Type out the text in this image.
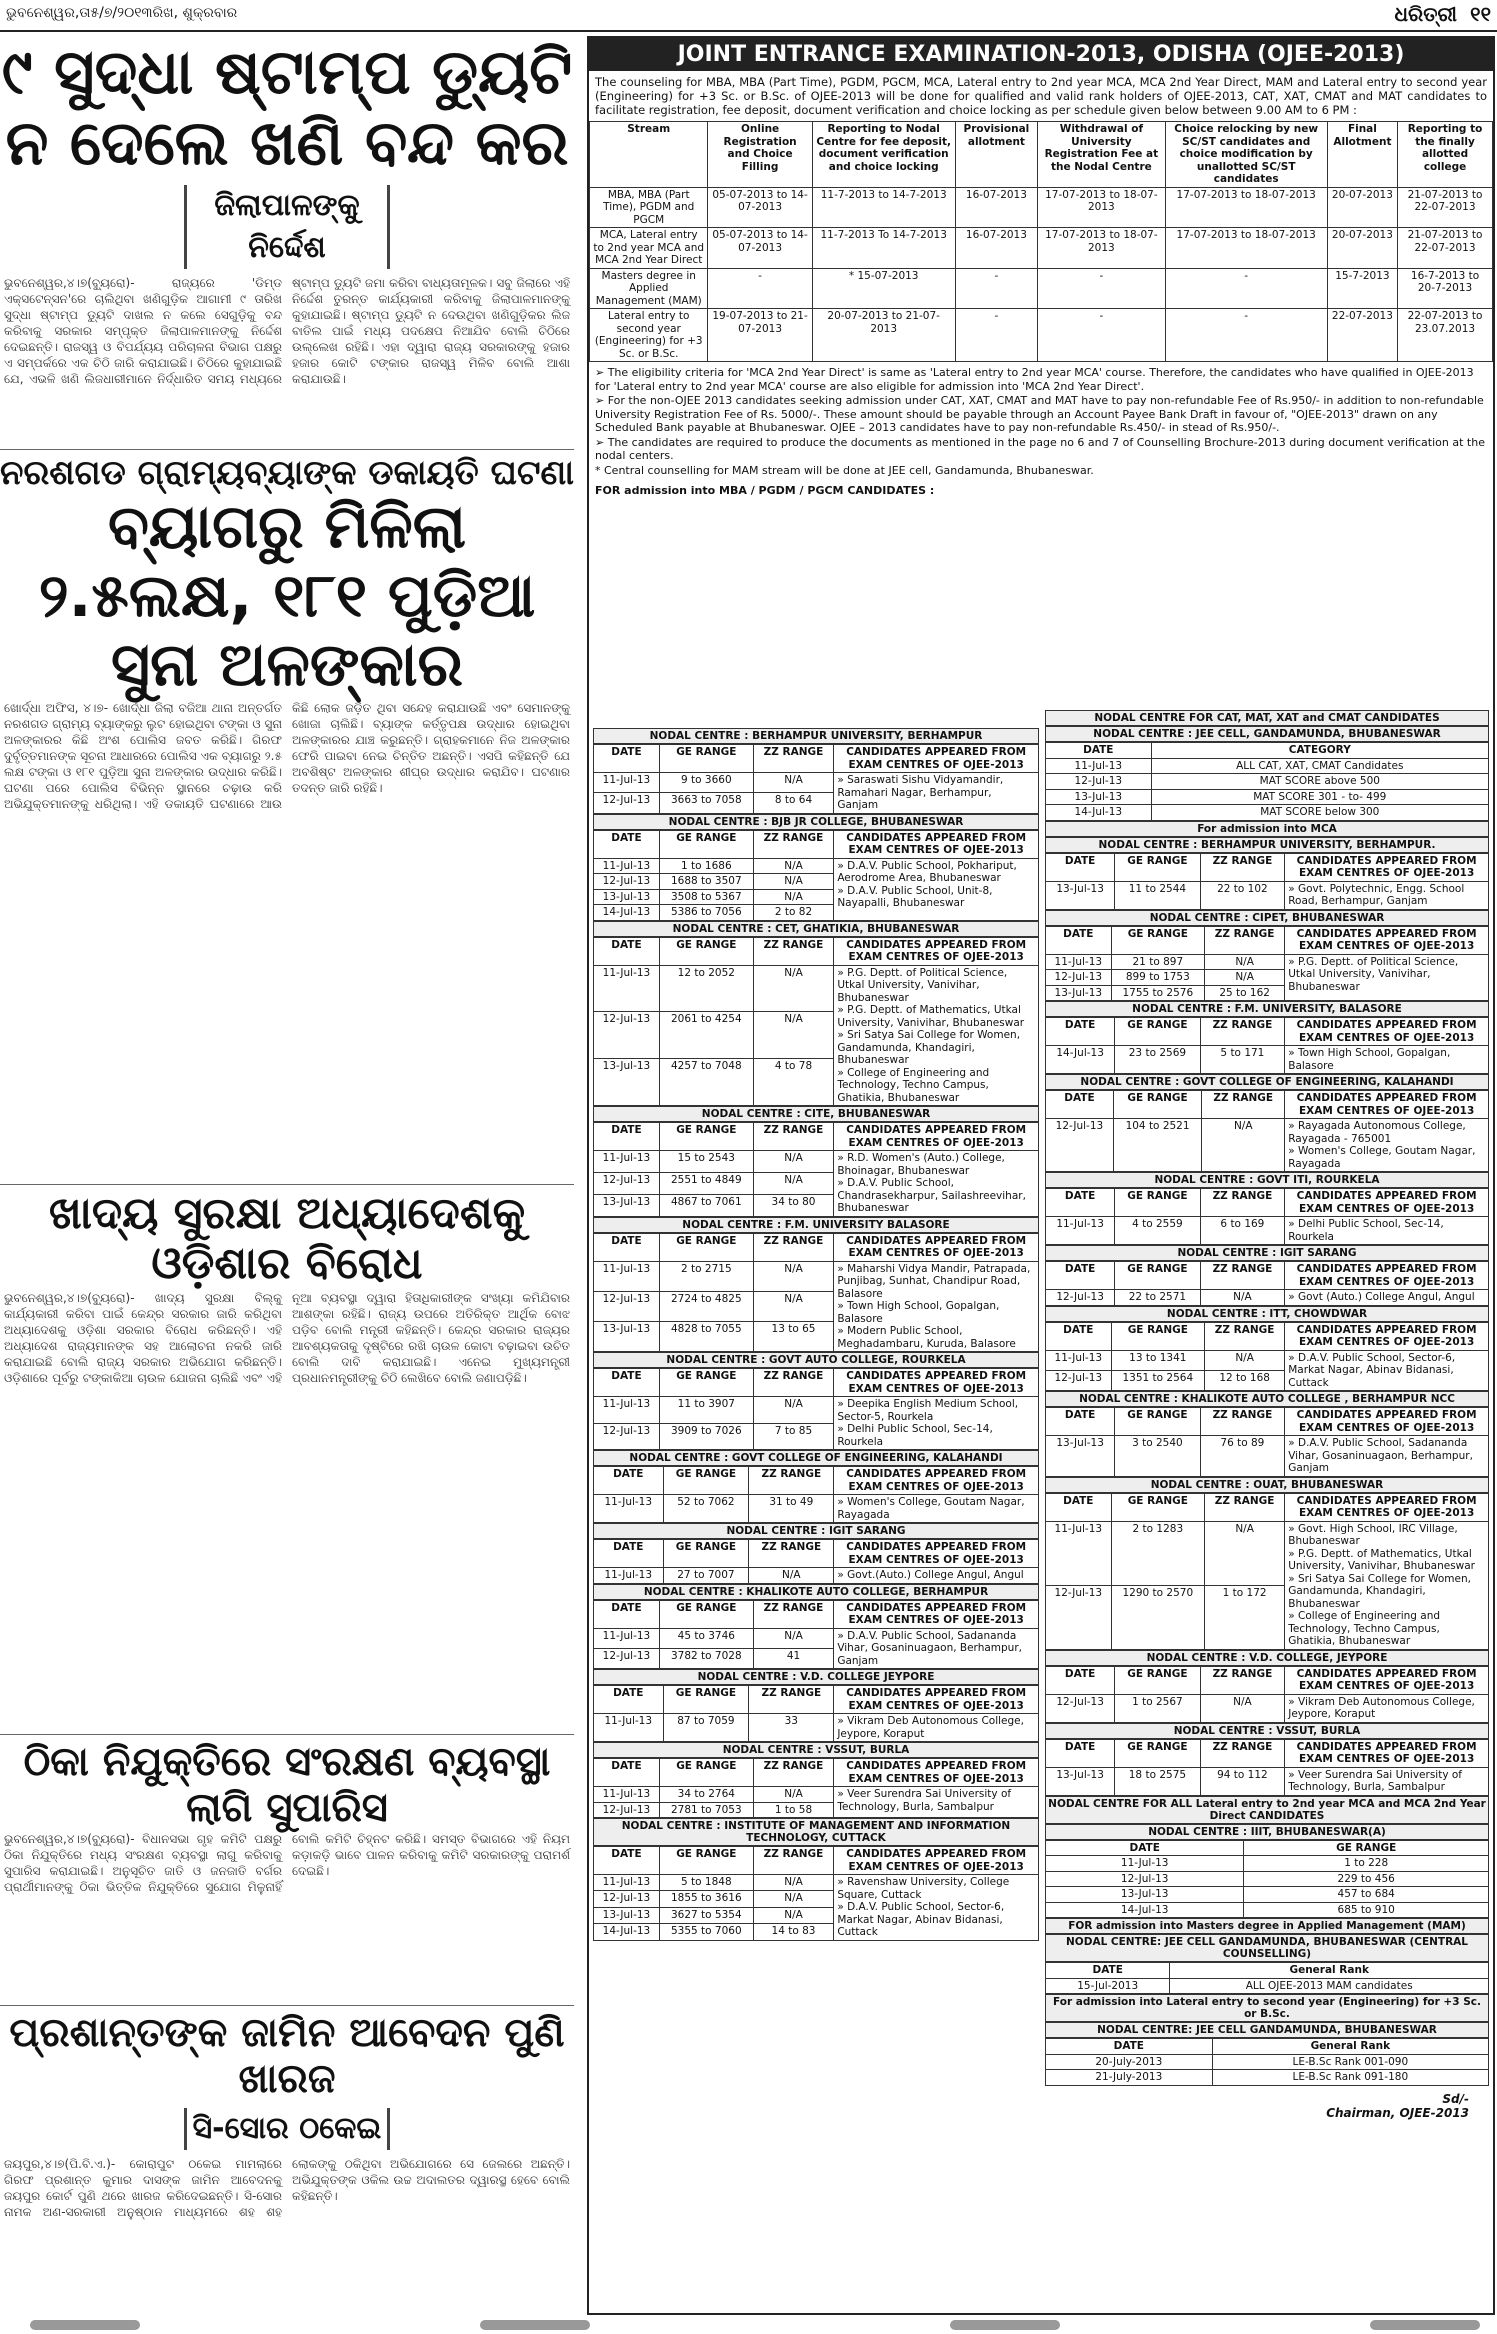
ଭୁବନେଶ୍ୱର,ତା୫/୭/୨୦୧୩ରିଖ, ଶୁକ୍ରବାର	ଧରିତ୍ରୀ ୧୧

୯ ସୁଦ୍ଧା ଷ୍ଟାମ୍ପ ଡ୍ୟୁଟି ନ ଦେଲେ ଖଣି ବନ୍ଦ କର

ଜିଲାପାଳଙ୍କୁ ନିର୍ଦ୍ଦେଶ
ଭୁବନେଶ୍ୱର,୪।୭(ବ୍ୟୁରୋ)- ରାଜ୍ୟରେ 'ଡିମ୍ଡ ଏକ୍ସଟେନ୍ସନ'ରେ ଚାଲିଥିବା ଖଣିଗୁଡ଼ିକ ଆଗାମୀ ୯ ତାରିଖ ସୁଦ୍ଧା ଷ୍ଟାମ୍ପ ଡ୍ୟୁଟି ଦାଖଲ ନ କଲେ ସେଗୁଡ଼ିକୁ ବନ୍ଦ କରିବାକୁ ସରକାର ସମ୍ପୃକ୍ତ ଜିଲାପାଳମାନଙ୍କୁ ନିର୍ଦ୍ଦେଶ ଦେଇଛନ୍ତି। ରାଜସ୍ୱ ଓ ବିପର୍ଯ୍ୟୟ ପରିଚାଳନା ବିଭାଗ ପକ୍ଷରୁ ଏ ସମ୍ପର୍କରେ ଏକ ଚିଠି ଜାରି କରାଯାଇଛି। ଚିଠିରେ କୁହାଯାଇଛି ଯେ, ଏଭଳି ଖଣି ଲିଜଧାରୀମାନେ ନିର୍ଦ୍ଧାରିତ ସମୟ ମଧ୍ୟରେ ଷ୍ଟାମ୍ପ ଡ୍ୟୁଟି ଜମା କରିବା ବାଧ୍ୟତାମୂଳକ। ସବୁ ଜିଲାରେ ଏହି ନିର୍ଦ୍ଦେଶ ତୁରନ୍ତ କାର୍ଯ୍ୟକାରୀ କରିବାକୁ ଜିଲାପାଳମାନଙ୍କୁ କୁହାଯାଇଛି। ଷ୍ଟାମ୍ପ ଡ୍ୟୁଟି ନ ଦେଉଥିବା ଖଣିଗୁଡ଼ିକର ଲିଜ ବାତିଲ ପାଇଁ ମଧ୍ୟ ପଦକ୍ଷେପ ନିଆଯିବ ବୋଲି ଚିଠିରେ ଉଲ୍ଲେଖ ରହିଛି। ଏହା ଦ୍ୱାରା ରାଜ୍ୟ ସରକାରଙ୍କୁ ହଜାର ହଜାର କୋଟି ଟଙ୍କାର ରାଜସ୍ୱ ମିଳିବ ବୋଲି ଆଶା କରାଯାଉଛି।

ନରଶଗଡ ଗ୍ରାମ୍ୟବ୍ୟାଙ୍କ ଡକାୟତି ଘଟଣା

ବ୍ୟାଗରୁ ମିଳିଲା ୨.୫ଲକ୍ଷ, ୧୮୧ ପୁଡ଼ିଆ ସୁନା ଅଳଙ୍କାର

ଖୋର୍ଦ୍ଧା ଅଫିସ, ୪।୭- ଖୋର୍ଦ୍ଧା ଜିଲା ବଜିଆ ଥାନା ଅନ୍ତର୍ଗତ ନରଶଗଡ ଗ୍ରାମ୍ୟ ବ୍ୟାଙ୍କରୁ ଲୁଟ ହୋଇଥିବା ଟଙ୍କା ଓ ସୁନା ଅଳଙ୍କାରର କିଛି ଅଂଶ ପୋଲିସ ଜବତ କରିଛି। ଗିରଫ ଦୁର୍ବୃତ୍ତମାନଙ୍କ ସୂଚନା ଆଧାରରେ ପୋଲିସ ଏକ ବ୍ୟାଗରୁ ୨.୫ ଲକ୍ଷ ଟଙ୍କା ଓ ୧୮୧ ପୁଡ଼ିଆ ସୁନା ଅଳଙ୍କାର ଉଦ୍ଧାର କରିଛି। ଘଟଣା ପରେ ପୋଲିସ ବିଭିନ୍ନ ସ୍ଥାନରେ ଚଢ଼ାଉ କରି ଅଭିଯୁକ୍ତମାନଙ୍କୁ ଧରିଥିଲା। ଏହି ଡକାୟତି ଘଟଣାରେ ଆଉ କିଛି ଲୋକ ଜଡ଼ିତ ଥିବା ସନ୍ଦେହ କରାଯାଉଛି ଏବଂ ସେମାନଙ୍କୁ ଖୋଜା ଚାଲିଛି। ବ୍ୟାଙ୍କ କର୍ତ୍ତୃପକ୍ଷ ଉଦ୍ଧାର ହୋଇଥିବା ଅଳଙ୍କାରର ଯାଞ୍ଚ କରୁଛନ୍ତି। ଗ୍ରାହକମାନେ ନିଜ ଅଳଙ୍କାର ଫେରି ପାଇବା ନେଇ ଚିନ୍ତିତ ଅଛନ୍ତି। ଏସପି କହିଛନ୍ତି ଯେ ଅବଶିଷ୍ଟ ଅଳଙ୍କାର ଶୀଘ୍ର ଉଦ୍ଧାର କରାଯିବ। ଘଟଣାର ତଦନ୍ତ ଜାରି ରହିଛି।

ଖାଦ୍ୟ ସୁରକ୍ଷା ଅଧ୍ୟାଦେଶକୁ ଓଡ଼ିଶାର ବିରୋଧ

ଭୁବନେଶ୍ୱର,୪।୭(ବ୍ୟୁରୋ)- ଖାଦ୍ୟ ସୁରକ୍ଷା ବିଲ୍କୁ କାର୍ଯ୍ୟକାରୀ କରିବା ପାଇଁ କେନ୍ଦ୍ର ସରକାର ଜାରି କରିଥିବା ଅଧ୍ୟାଦେଶକୁ ଓଡ଼ିଶା ସରକାର ବିରୋଧ କରିଛନ୍ତି। ଏହି ଅଧ୍ୟାଦେଶ ରାଜ୍ୟମାନଙ୍କ ସହ ଆଲୋଚନା ନକରି ଜାରି କରାଯାଇଛି ବୋଲି ରାଜ୍ୟ ସରକାର ଅଭିଯୋଗ କରିଛନ୍ତି। ଓଡ଼ିଶାରେ ପୂର୍ବରୁ ଟଙ୍କାକିଆ ଚାଉଳ ଯୋଜନା ଚାଲିଛି ଏବଂ ଏହି ନୂଆ ବ୍ୟବସ୍ଥା ଦ୍ୱାରା ହିତାଧିକାରୀଙ୍କ ସଂଖ୍ୟା କମିଯିବାର ଆଶଙ୍କା ରହିଛି। ରାଜ୍ୟ ଉପରେ ଅତିରିକ୍ତ ଆର୍ଥିକ ବୋଝ ପଡ଼ିବ ବୋଲି ମନ୍ତ୍ରୀ କହିଛନ୍ତି। କେନ୍ଦ୍ର ସରକାର ରାଜ୍ୟର ଆବଶ୍ୟକତାକୁ ଦୃଷ୍ଟିରେ ରଖି ଚାଉଳ କୋଟା ବଢ଼ାଇବା ଉଚିତ ବୋଲି ଦାବି କରାଯାଇଛି। ଏନେଇ ମୁଖ୍ୟମନ୍ତ୍ରୀ ପ୍ରଧାନମନ୍ତ୍ରୀଙ୍କୁ ଚିଠି ଲେଖିବେ ବୋଲି ଜଣାପଡ଼ିଛି।

ଠିକା ନିଯୁକ୍ତିରେ ସଂରକ୍ଷଣ ବ୍ୟବସ୍ଥା ଲାଗି ସୁପାରିସ

ଭୁବନେଶ୍ୱର,୪।୭(ବ୍ୟୁରୋ)- ବିଧାନସଭା ଗୃହ କମିଟି ପକ୍ଷରୁ ଠିକା ନିଯୁକ୍ତିରେ ମଧ୍ୟ ସଂରକ୍ଷଣ ବ୍ୟବସ୍ଥା ଲାଗୁ କରିବାକୁ ସୁପାରିସ କରାଯାଇଛି। ଅନୁସୂଚିତ ଜାତି ଓ ଜନଜାତି ବର୍ଗର ପ୍ରାର୍ଥୀମାନଙ୍କୁ ଠିକା ଭିତ୍ତିକ ନିଯୁକ୍ତିରେ ସୁଯୋଗ ମିଳୁନାହିଁ ବୋଲି କମିଟି ଚିହ୍ନଟ କରିଛି। ସମସ୍ତ ବିଭାଗରେ ଏହି ନିୟମ କଡ଼ାକଡ଼ି ଭାବେ ପାଳନ କରିବାକୁ କମିଟି ସରକାରଙ୍କୁ ପରାମର୍ଶ ଦେଇଛି।

ପ୍ରଶାନ୍ତଙ୍କ ଜାମିନ ଆବେଦନ ପୁଣି ଖାରଜ

ସି-ସୋର ଠକେଇ
ଜୟପୁର,୪।୭(ପି.ବି.ଏ.)- କୋରାପୁଟ ଠକେଇ ମାମଲାରେ ଗିରଫ ପ୍ରଶାନ୍ତ କୁମାର ଦାସଙ୍କ ଜାମିନ ଆବେଦନକୁ ଜୟପୁର କୋର୍ଟ ପୁଣି ଥରେ ଖାରଜ କରିଦେଇଛନ୍ତି। ସି-ସୋର ନାମକ ଅଣ-ସରକାରୀ ଅନୁଷ୍ଠାନ ମାଧ୍ୟମରେ ଶହ ଶହ ଲୋକଙ୍କୁ ଠକିଥିବା ଅଭିଯୋଗରେ ସେ ଜେଲରେ ଅଛନ୍ତି। ଅଭିଯୁକ୍ତଙ୍କ ଓକିଲ ଉଚ୍ଚ ଅଦାଲତର ଦ୍ୱାରସ୍ଥ ହେବେ ବୋଲି କହିଛନ୍ତି।
JOINT ENTRANCE EXAMINATION-2013, ODISHA (OJEE-2013)
The counseling for MBA, MBA (Part Time), PGDM, PGCM, MCA, Lateral entry to 2nd year MCA, MCA 2nd Year Direct, MAM and Lateral entry to second year (Engineering) for +3 Sc. or B.Sc. of OJEE-2013 will be done for qualified and valid rank holders of OJEE-2013, CAT, XAT, CMAT and MAT candidates to facilitate registration, fee deposit, document verification and choice locking as per schedule given below between 9.00 AM to 6 PM :
Stream	Online Registration and Choice Filling	Reporting to Nodal Centre for fee deposit, document verification and choice locking	Provisional allotment	Withdrawal of University Registration Fee at the Nodal Centre	Choice relocking by new SC/ST candidates and choice modification by unallotted SC/ST candidates	Final Allotment	Reporting to the finally allotted college
MBA, MBA (Part Time), PGDM and PGCM	05-07-2013 to 14-07-2013	11-7-2013 to 14-7-2013	16-07-2013	17-07-2013 to 18-07-2013	17-07-2013 to 18-07-2013	20-07-2013	21-07-2013 to 22-07-2013
MCA, Lateral entry to 2nd year MCA and MCA 2nd Year Direct	05-07-2013 to 14-07-2013	11-7-2013 To 14-7-2013	16-07-2013	17-07-2013 to 18-07-2013	17-07-2013 to 18-07-2013	20-07-2013	21-07-2013 to 22-07-2013
Masters degree in Applied Management (MAM)	-	* 15-07-2013	-	-	-	15-7-2013	16-7-2013 to 20-7-2013
Lateral entry to second year (Engineering) for +3 Sc. or B.Sc.	19-07-2013 to 21-07-2013	20-07-2013 to 21-07-2013	-	-	-	22-07-2013	22-07-2013 to 23.07.2013

➢ The eligibility criteria for 'MCA 2nd Year Direct' is same as 'Lateral entry to 2nd year MCA' course. Therefore, the candidates who have qualified in OJEE-2013 for 'Lateral entry to 2nd year MCA' course are also eligible for admission into 'MCA 2nd Year Direct'.

➢ For the non-OJEE 2013 candidates seeking admission under CAT, XAT, CMAT and MAT have to pay non-refundable Fee of Rs.950/- in addition to non-refundable University Registration Fee of Rs. 5000/-. These amount should be payable through an Account Payee Bank Draft in favour of, "OJEE-2013" drawn on any Scheduled Bank payable at Bhubaneswar. OJEE – 2013 candidates have to pay non-refundable Rs.450/- in stead of Rs.950/-.

➢ The candidates are required to produce the documents as mentioned in the page no 6 and 7 of Counselling Brochure-2013 during document verification at the nodal centers.

* Central counselling for MAM stream will be done at JEE cell, Gandamunda, Bhubaneswar.

FOR admission into MBA / PGDM / PGCM CANDIDATES :
NODAL CENTRE : BERHAMPUR UNIVERSITY, BERHAMPUR
DATE	GE RANGE	ZZ RANGE	CANDIDATES APPEARED FROM EXAM CENTRES OF OJEE-2013
11-Jul-13	9 to 3660	N/A	» Saraswati Sishu Vidyamandir, Ramahari Nagar, Berhampur, Ganjam

12-Jul-13	3663 to 7058	8 to 64	
NODAL CENTRE : BJB JR COLLEGE, BHUBANESWAR
DATE	GE RANGE	ZZ RANGE	CANDIDATES APPEARED FROM EXAM CENTRES OF OJEE-2013
11-Jul-13	1 to 1686	N/A	» D.A.V. Public School, Pokhariput, Aerodrome Area, Bhubaneswar
» D.A.V. Public School, Unit-8, Nayapalli, Bhubaneswar

12-Jul-13	1688 to 3507	N/A	
13-Jul-13	3508 to 5367	N/A	
14-Jul-13	5386 to 7056	2 to 82	
NODAL CENTRE : CET, GHATIKIA, BHUBANESWAR
DATE	GE RANGE	ZZ RANGE	CANDIDATES APPEARED FROM EXAM CENTRES OF OJEE-2013
11-Jul-13	12 to 2052	N/A	» P.G. Deptt. of Political Science, Utkal University, Vanivihar, Bhubaneswar
» P.G. Deptt. of Mathematics, Utkal University, Vanivihar, Bhubaneswar
» Sri Satya Sai College for Women, Gandamunda, Khandagiri, Bhubaneswar
» College of Engineering and Technology, Techno Campus, Ghatikia, Bhubaneswar

12-Jul-13	2061 to 4254	N/A	
13-Jul-13	4257 to 7048	4 to 78	
NODAL CENTRE : CITE, BHUBANESWAR
DATE	GE RANGE	ZZ RANGE	CANDIDATES APPEARED FROM EXAM CENTRES OF OJEE-2013
11-Jul-13	15 to 2543	N/A	» R.D. Women's (Auto.) College, Bhoinagar, Bhubaneswar
» D.A.V. Public School, Chandrasekharpur, Sailashreevihar, Bhubaneswar

12-Jul-13	2551 to 4849	N/A	
13-Jul-13	4867 to 7061	34 to 80	
NODAL CENTRE : F.M. UNIVERSITY BALASORE
DATE	GE RANGE	ZZ RANGE	CANDIDATES APPEARED FROM EXAM CENTRES OF OJEE-2013
11-Jul-13	2 to 2715	N/A	» Maharshi Vidya Mandir, Patrapada, Punjibag, Sunhat, Chandipur Road, Balasore
» Town High School, Gopalgan, Balasore
» Modern Public School, Meghadambaru, Kuruda, Balasore

12-Jul-13	2724 to 4825	N/A	
13-Jul-13	4828 to 7055	13 to 65	
NODAL CENTRE : GOVT AUTO COLLEGE, ROURKELA
DATE	GE RANGE	ZZ RANGE	CANDIDATES APPEARED FROM EXAM CENTRES OF OJEE-2013
11-Jul-13	11 to 3907	N/A	» Deepika English Medium School, Sector-5, Rourkela
» Delhi Public School, Sec-14, Rourkela

12-Jul-13	3909 to 7026	7 to 85	
NODAL CENTRE : GOVT COLLEGE OF ENGINEERING, KALAHANDI
DATE	GE RANGE	ZZ RANGE	CANDIDATES APPEARED FROM EXAM CENTRES OF OJEE-2013
11-Jul-13	52 to 7062	31 to 49	» Women's College, Goutam Nagar, Rayagada
NODAL CENTRE : IGIT SARANG
DATE	GE RANGE	ZZ RANGE	CANDIDATES APPEARED FROM EXAM CENTRES OF OJEE-2013
11-Jul-13	27 to 7007	N/A	» Govt.(Auto.) College Angul, Angul
NODAL CENTRE : KHALIKOTE AUTO COLLEGE, BERHAMPUR
DATE	GE RANGE	ZZ RANGE	CANDIDATES APPEARED FROM EXAM CENTRES OF OJEE-2013
11-Jul-13	45 to 3746	N/A	» D.A.V. Public School, Sadananda Vihar, Gosaninuagaon, Berhampur, Ganjam

12-Jul-13	3782 to 7028	41	
NODAL CENTRE : V.D. COLLEGE JEYPORE
DATE	GE RANGE	ZZ RANGE	CANDIDATES APPEARED FROM EXAM CENTRES OF OJEE-2013
11-Jul-13	87 to 7059	33	» Vikram Deb Autonomous College, Jeypore, Koraput
NODAL CENTRE : VSSUT, BURLA
DATE	GE RANGE	ZZ RANGE	CANDIDATES APPEARED FROM EXAM CENTRES OF OJEE-2013
11-Jul-13	34 to 2764	N/A	» Veer Surendra Sai University of Technology, Burla, Sambalpur

12-Jul-13	2781 to 7053	1 to 58	
NODAL CENTRE : INSTITUTE OF MANAGEMENT AND INFORMATION TECHNOLOGY, CUTTACK
DATE	GE RANGE	ZZ RANGE	CANDIDATES APPEARED FROM EXAM CENTRES OF OJEE-2013
11-Jul-13	5 to 1848	N/A	» Ravenshaw University, College Square, Cuttack
» D.A.V. Public School, Sector-6, Markat Nagar, Abinav Bidanasi, Cuttack

12-Jul-13	1855 to 3616	N/A	
13-Jul-13	3627 to 5354	N/A	
14-Jul-13	5355 to 7060	14 to 83	
NODAL CENTRE FOR CAT, MAT, XAT and CMAT CANDIDATES
NODAL CENTRE : JEE CELL, GANDAMUNDA, BHUBANESWAR
DATE	CATEGORY
11-Jul-13	ALL CAT, XAT, CMAT Candidates
12-Jul-13	MAT SCORE above 500
13-Jul-13	MAT SCORE 301 - to- 499
14-Jul-13	MAT SCORE below 300
For admission into MCA
NODAL CENTRE : BERHAMPUR UNIVERSITY, BERHAMPUR.
DATE	GE RANGE	ZZ RANGE	CANDIDATES APPEARED FROM EXAM CENTRES OF OJEE-2013
13-Jul-13	11 to 2544	22 to 102	» Govt. Polytechnic, Engg. School Road, Berhampur, Ganjam
NODAL CENTRE : CIPET, BHUBANESWAR
DATE	GE RANGE	ZZ RANGE	CANDIDATES APPEARED FROM EXAM CENTRES OF OJEE-2013
11-Jul-13	21 to 897	N/A	» P.G. Deptt. of Political Science, Utkal University, Vanivihar, Bhubaneswar

12-Jul-13	899 to 1753	N/A	
13-Jul-13	1755 to 2576	25 to 162	
NODAL CENTRE : F.M. UNIVERSITY, BALASORE
DATE	GE RANGE	ZZ RANGE	CANDIDATES APPEARED FROM EXAM CENTRES OF OJEE-2013
14-Jul-13	23 to 2569	5 to 171	» Town High School, Gopalgan, Balasore
NODAL CENTRE : GOVT COLLEGE OF ENGINEERING, KALAHANDI
DATE	GE RANGE	ZZ RANGE	CANDIDATES APPEARED FROM EXAM CENTRES OF OJEE-2013
12-Jul-13	104 to 2521	N/A	» Rayagada Autonomous College, Rayagada - 765001
» Women's College, Goutam Nagar, Rayagada
NODAL CENTRE : GOVT ITI, ROURKELA
DATE	GE RANGE	ZZ RANGE	CANDIDATES APPEARED FROM EXAM CENTRES OF OJEE-2013
11-Jul-13	4 to 2559	6 to 169	» Delhi Public School, Sec-14, Rourkela
NODAL CENTRE : IGIT SARANG
DATE	GE RANGE	ZZ RANGE	CANDIDATES APPEARED FROM EXAM CENTRES OF OJEE-2013
12-Jul-13	22 to 2571	N/A	» Govt (Auto.) College Angul, Angul
NODAL CENTRE : ITT, CHOWDWAR
DATE	GE RANGE	ZZ RANGE	CANDIDATES APPEARED FROM EXAM CENTRES OF OJEE-2013
11-Jul-13	13 to 1341	N/A	» D.A.V. Public School, Sector-6, Markat Nagar, Abinav Bidanasi, Cuttack

12-Jul-13	1351 to 2564	12 to 168	
NODAL CENTRE : KHALIKOTE AUTO COLLEGE , BERHAMPUR NCC
DATE	GE RANGE	ZZ RANGE	CANDIDATES APPEARED FROM EXAM CENTRES OF OJEE-2013
13-Jul-13	3 to 2540	76 to 89	» D.A.V. Public School, Sadananda Vihar, Gosaninuagaon, Berhampur, Ganjam
NODAL CENTRE : OUAT, BHUBANESWAR
DATE	GE RANGE	ZZ RANGE	CANDIDATES APPEARED FROM EXAM CENTRES OF OJEE-2013
11-Jul-13	2 to 1283	N/A	» Govt. High School, IRC Village, Bhubaneswar
» P.G. Deptt. of Mathematics, Utkal University, Vanivihar, Bhubaneswar
» Sri Satya Sai College for Women, Gandamunda, Khandagiri, Bhubaneswar
» College of Engineering and Technology, Techno Campus, Ghatikia, Bhubaneswar

12-Jul-13	1290 to 2570	1 to 172	
NODAL CENTRE : V.D. COLLEGE, JEYPORE
DATE	GE RANGE	ZZ RANGE	CANDIDATES APPEARED FROM EXAM CENTRES OF OJEE-2013
12-Jul-13	1 to 2567	N/A	» Vikram Deb Autonomous College, Jeypore, Koraput
NODAL CENTRE : VSSUT, BURLA
DATE	GE RANGE	ZZ RANGE	CANDIDATES APPEARED FROM EXAM CENTRES OF OJEE-2013
13-Jul-13	18 to 2575	94 to 112	» Veer Surendra Sai University of Technology, Burla, Sambalpur
NODAL CENTRE FOR ALL Lateral entry to 2nd year MCA and MCA 2nd Year Direct CANDIDATES
NODAL CENTRE : IIIT, BHUBANESWAR(A)
DATE	GE RANGE
11-Jul-13	1 to 228
12-Jul-13	229 to 456
13-Jul-13	457 to 684
14-Jul-13	685 to 910
FOR admission into Masters degree in Applied Management (MAM)
NODAL CENTRE: JEE CELL GANDAMUNDA, BHUBANESWAR (CENTRAL COUNSELLING)
DATE	General Rank
15-Jul-2013	ALL OJEE-2013 MAM candidates
For admission into Lateral entry to second year (Engineering) for +3 Sc. or B.Sc.
NODAL CENTRE: JEE CELL GANDAMUNDA, BHUBANESWAR
DATE	General Rank
20-July-2013	LE-B.Sc Rank 001-090
21-July-2013	LE-B.Sc Rank 091-180
Sd/-
Chairman, OJEE-2013
